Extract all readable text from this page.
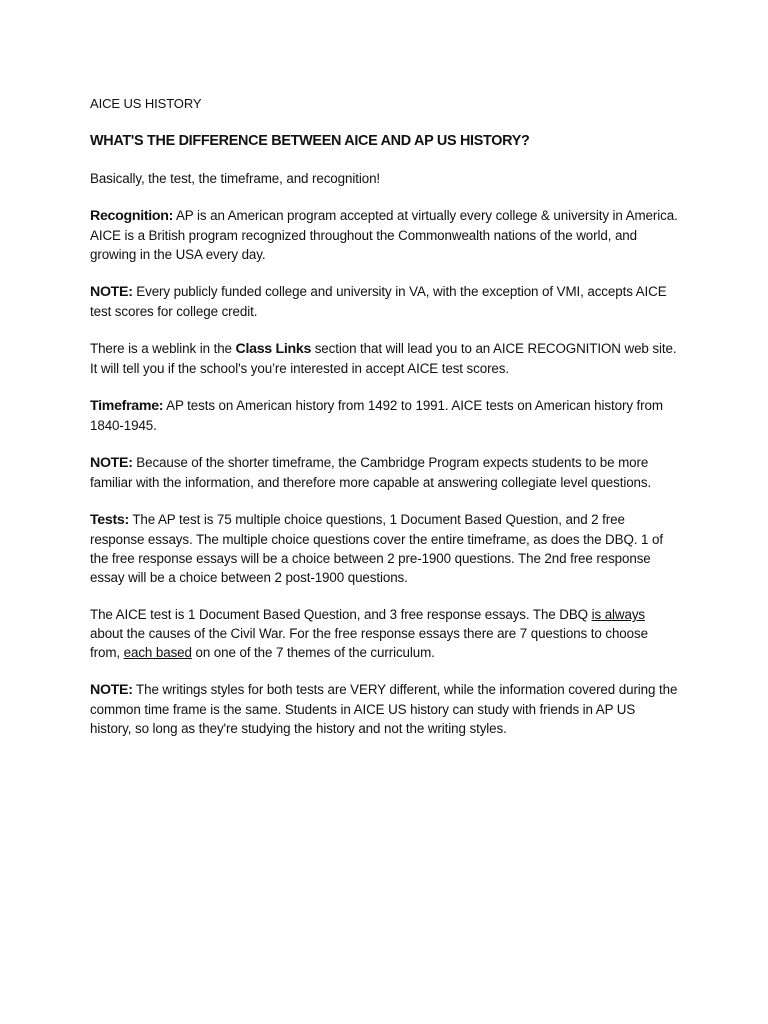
AICE US HISTORY
WHAT'S THE DIFFERENCE BETWEEN AICE AND AP US HISTORY?

Basically, the test, the timeframe, and recognition!

Recognition: AP is an American program accepted at virtually every college & university in America. AICE is a British program recognized throughout the Commonwealth nations of the world, and growing in the USA every day.

NOTE: Every publicly funded college and university in VA, with the exception of VMI, accepts AICE test scores for college credit.

There is a weblink in the Class Links section that will lead you to an AICE RECOGNITION web site. It will tell you if the school's you’re interested in accept AICE test scores.

Timeframe: AP tests on American history from 1492 to 1991. AICE tests on American history from 1840-1945.

NOTE: Because of the shorter timeframe, the Cambridge Program expects students to be more familiar with the information, and therefore more capable at answering collegiate level questions.

Tests: The AP test is 75 multiple choice questions, 1 Document Based Question, and 2 free response essays. The multiple choice questions cover the entire timeframe, as does the DBQ. 1 of the free response essays will be a choice between 2 pre-1900 questions. The 2nd free response essay will be a choice between 2 post-1900 questions.

The AICE test is 1 Document Based Question, and 3 free response essays. The DBQ is always about the causes of the Civil War. For the free response essays there are 7 questions to choose from, each based on one of the 7 themes of the curriculum.

NOTE: The writings styles for both tests are VERY different, while the information covered during the common time frame is the same. Students in AICE US history can study with friends in AP US history, so long as they're studying the history and not the writing styles.
